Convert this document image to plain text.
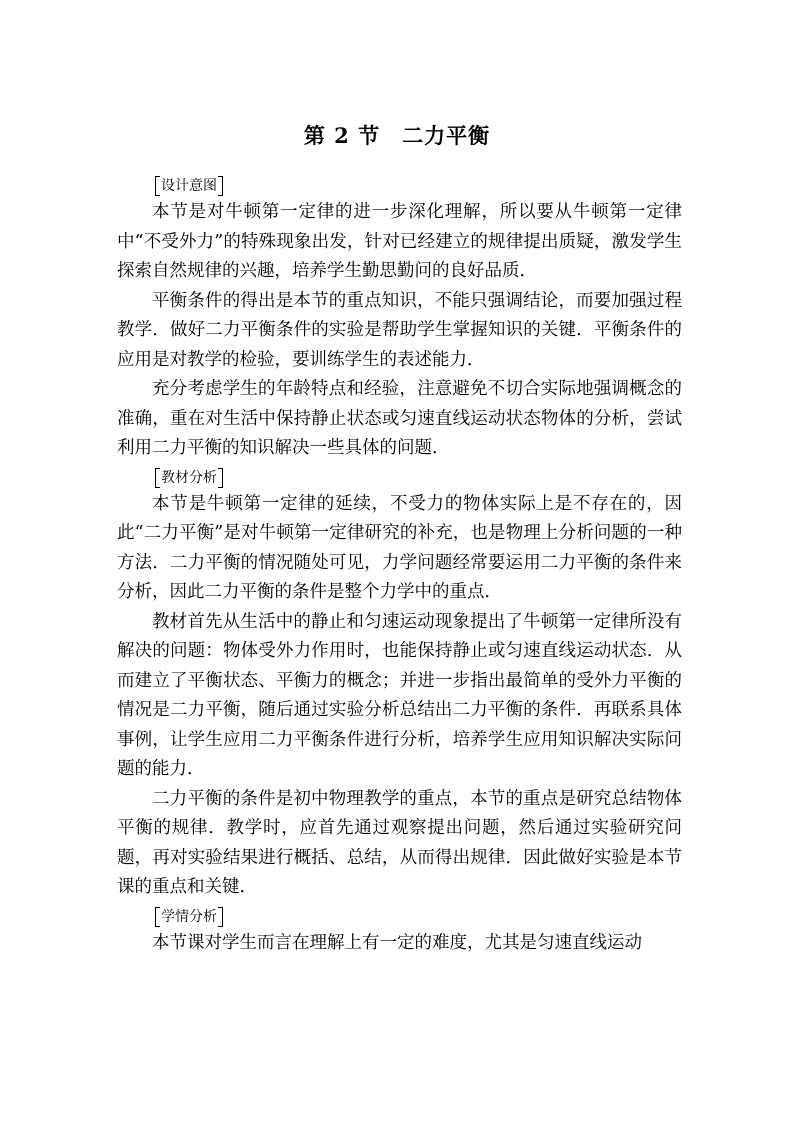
第 2 节　二力平衡
设计意图

本节是对牛顿第一定律的进一步深化理解，所以要从牛顿第一定律中“不受外力”的特殊现象出发，针对已经建立的规律提出质疑，激发学生探索自然规律的兴趣，培养学生勤思勤问的良好品质．

平衡条件的得出是本节的重点知识，不能只强调结论，而要加强过程教学．做好二力平衡条件的实验是帮助学生掌握知识的关键．平衡条件的应用是对教学的检验，要训练学生的表述能力．

充分考虑学生的年龄特点和经验，注意避免不切合实际地强调概念的准确，重在对生活中保持静止状态或匀速直线运动状态物体的分析，尝试利用二力平衡的知识解决一些具体的问题．

教材分析

本节是牛顿第一定律的延续，不受力的物体实际上是不存在的，因此“二力平衡”是对牛顿第一定律研究的补充，也是物理上分析问题的一种方法．二力平衡的情况随处可见，力学问题经常要运用二力平衡的条件来分析，因此二力平衡的条件是整个力学中的重点．

教材首先从生活中的静止和匀速运动现象提出了牛顿第一定律所没有解决的问题：物体受外力作用时，也能保持静止或匀速直线运动状态．从而建立了平衡状态、平衡力的概念；并进一步指出最简单的受外力平衡的情况是二力平衡，随后通过实验分析总结出二力平衡的条件．再联系具体事例，让学生应用二力平衡条件进行分析，培养学生应用知识解决实际问题的能力．

二力平衡的条件是初中物理教学的重点，本节的重点是研究总结物体平衡的规律．教学时，应首先通过观察提出问题，然后通过实验研究问题，再对实验结果进行概括、总结，从而得出规律．因此做好实验是本节课的重点和关键．

学情分析

本节课对学生而言在理解上有一定的难度，尤其是匀速直线运动
